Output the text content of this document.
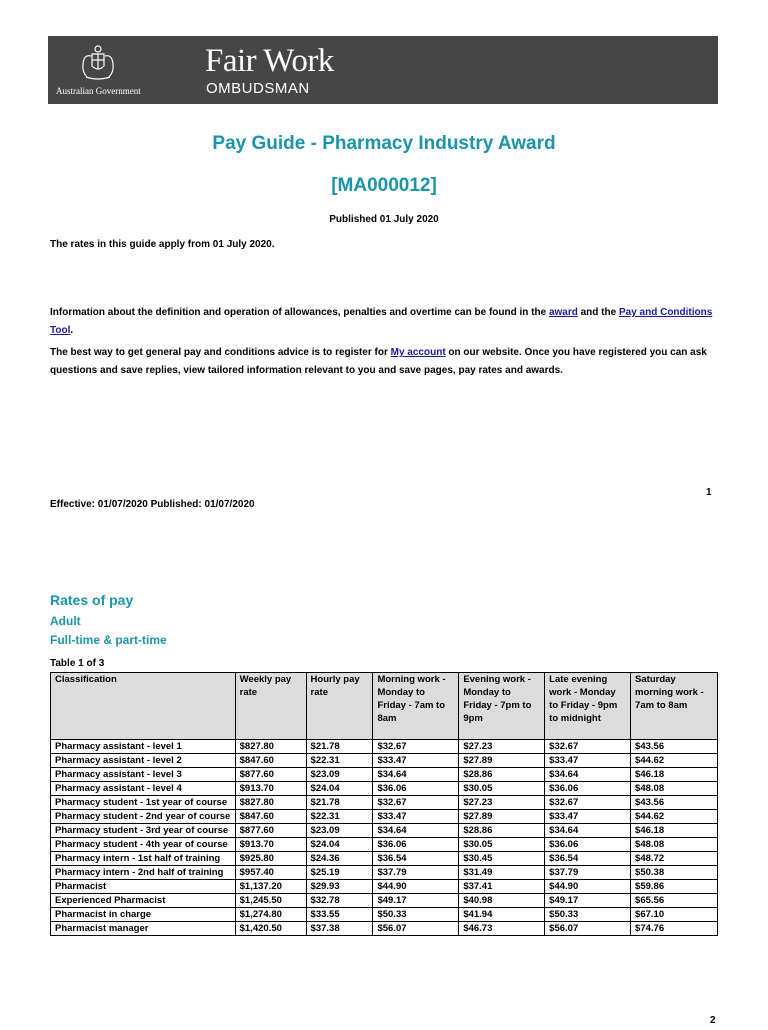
Australian Government
Fair Work
OMBUDSMAN
Pay Guide - Pharmacy Industry Award
[MA000012]
Published 01 July 2020
The rates in this guide apply from 01 July 2020.
Information about the definition and operation of allowances, penalties and overtime can be found in the award and the Pay and Conditions Tool.
The best way to get general pay and conditions advice is to register for My account on our website. Once you have registered you can ask questions and save replies, view tailored information relevant to you and save pages, pay rates and awards.
1
Effective: 01/07/2020 Published: 01/07/2020
Rates of pay
Adult
Full-time & part-time
Table 1 of 3
Classification	Weekly pay rate	Hourly pay rate	Morning work - Monday to Friday - 7am to 8am	Evening work - Monday to Friday - 7pm to 9pm	Late evening work - Monday to Friday - 9pm to midnight	Saturday morning work - 7am to 8am
Pharmacy assistant - level 1	$827.80	$21.78	$32.67	$27.23	$32.67	$43.56
Pharmacy assistant - level 2	$847.60	$22.31	$33.47	$27.89	$33.47	$44.62
Pharmacy assistant - level 3	$877.60	$23.09	$34.64	$28.86	$34.64	$46.18
Pharmacy assistant - level 4	$913.70	$24.04	$36.06	$30.05	$36.06	$48.08
Pharmacy student - 1st year of course	$827.80	$21.78	$32.67	$27.23	$32.67	$43.56
Pharmacy student - 2nd year of course	$847.60	$22.31	$33.47	$27.89	$33.47	$44.62
Pharmacy student - 3rd year of course	$877.60	$23.09	$34.64	$28.86	$34.64	$46.18
Pharmacy student - 4th year of course	$913.70	$24.04	$36.06	$30.05	$36.06	$48.08
Pharmacy intern - 1st half of training	$925.80	$24.36	$36.54	$30.45	$36.54	$48.72
Pharmacy intern - 2nd half of training	$957.40	$25.19	$37.79	$31.49	$37.79	$50.38
Pharmacist	$1,137.20	$29.93	$44.90	$37.41	$44.90	$59.86
Experienced Pharmacist	$1,245.50	$32.78	$49.17	$40.98	$49.17	$65.56
Pharmacist in charge	$1,274.80	$33.55	$50.33	$41.94	$50.33	$67.10
Pharmacist manager	$1,420.50	$37.38	$56.07	$46.73	$56.07	$74.76
2
